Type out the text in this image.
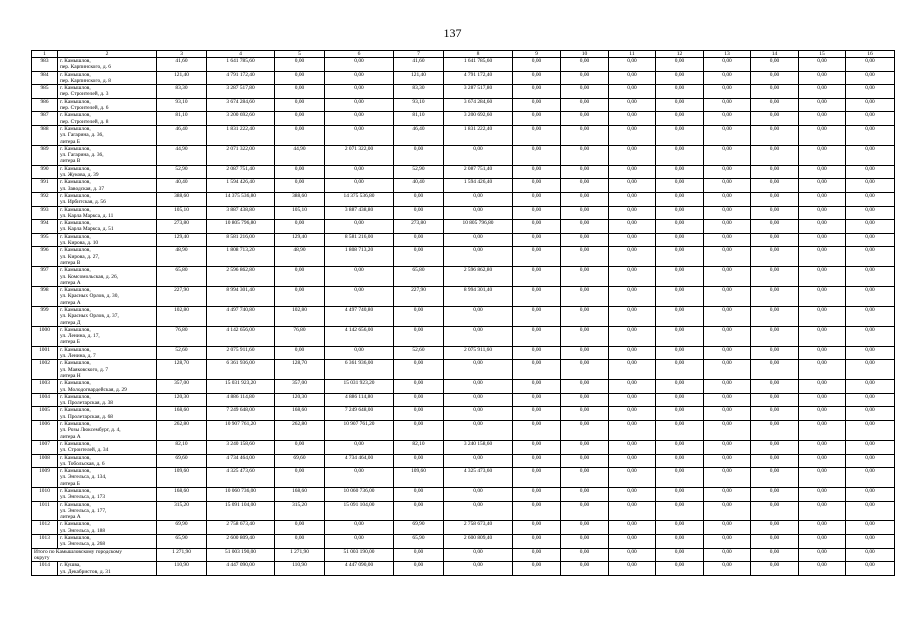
137
1	2	3	4	5	6	7	8	9	10	11	12	13	14	15	16
983	г. Камышлов,
пер. Карпинского, д. 6	41,60	1 641 785,60	0,00	0,00	41,60	1 641 785,60	0,00	0,00	0,00	0,00	0,00	0,00	0,00	0,00
984	г. Камышлов,
пер. Карпинского, д. 8	121,40	4 791 172,40	0,00	0,00	121,40	4 791 172,40	0,00	0,00	0,00	0,00	0,00	0,00	0,00	0,00
985	г. Камышлов,
пер. Строителей, д. 3	83,30	3 287 517,80	0,00	0,00	83,30	3 287 517,80	0,00	0,00	0,00	0,00	0,00	0,00	0,00	0,00
986	г. Камышлов,
пер. Строителей, д. 6	93,10	3 674 284,60	0,00	0,00	93,10	3 674 284,60	0,00	0,00	0,00	0,00	0,00	0,00	0,00	0,00
987	г. Камышлов,
пер. Строителей, д. 8	81,10	3 200 692,60	0,00	0,00	81,10	3 200 692,60	0,00	0,00	0,00	0,00	0,00	0,00	0,00	0,00
988	г. Камышлов,
ул. Гагарина, д. 36,
литера Б	46,40	1 831 222,40	0,00	0,00	46,40	1 831 222,40	0,00	0,00	0,00	0,00	0,00	0,00	0,00	0,00
989	г. Камышлов,
ул. Гагарина, д. 36,
литера В	44,90	2 071 322,00	44,90	2 071 322,00	0,00	0,00	0,00	0,00	0,00	0,00	0,00	0,00	0,00	0,00
990	г. Камышлов,
ул. Жукова, д. 39	52,90	2 087 751,40	0,00	0,00	52,90	2 087 751,40	0,00	0,00	0,00	0,00	0,00	0,00	0,00	0,00
991	г. Камышлов,
ул. Заводская, д. 37	40,40	1 594 426,40	0,00	0,00	40,40	1 594 426,40	0,00	0,00	0,00	0,00	0,00	0,00	0,00	0,00
992	г. Камышлов,
ул. Ирбитская, д. 56	388,60	14 375 536,80	388,60	14 375 536,80	0,00	0,00	0,00	0,00	0,00	0,00	0,00	0,00	0,00	0,00
993	г. Камышлов,
ул. Карла Маркса, д. 11	105,10	3 887 438,80	105,10	3 887 438,80	0,00	0,00	0,00	0,00	0,00	0,00	0,00	0,00	0,00	0,00
994	г. Камышлов,
ул. Карла Маркса, д. 51	273,80	10 805 796,80	0,00	0,00	273,80	10 805 796,80	0,00	0,00	0,00	0,00	0,00	0,00	0,00	0,00
995	г. Камышлов,
ул. Кирова, д. 10	129,40	8 581 216,00	129,40	8 581 216,00	0,00	0,00	0,00	0,00	0,00	0,00	0,00	0,00	0,00	0,00
996	г. Камышлов,
ул. Кирова, д. 27,
литера В	48,90	1 808 713,20	48,90	1 808 713,20	0,00	0,00	0,00	0,00	0,00	0,00	0,00	0,00	0,00	0,00
997	г. Камышлов,
ул. Комсомольская, д. 26,
литера А	65,80	2 596 862,80	0,00	0,00	65,80	2 596 862,80	0,00	0,00	0,00	0,00	0,00	0,00	0,00	0,00
998	г. Камышлов,
ул. Красных Орлов, д. 30,
литера А	227,90	8 994 301,40	0,00	0,00	227,90	8 994 301,40	0,00	0,00	0,00	0,00	0,00	0,00	0,00	0,00
999	г. Камышлов,
ул. Красных Орлов, д. 37,
литера Д	102,80	4 497 740,80	102,80	4 497 740,80	0,00	0,00	0,00	0,00	0,00	0,00	0,00	0,00	0,00	0,00
1000	г. Камышлов,
ул. Ленина, д. 17,
литера Б	76,80	4 142 656,00	76,80	4 142 656,00	0,00	0,00	0,00	0,00	0,00	0,00	0,00	0,00	0,00	0,00
1001	г. Камышлов,
ул. Ленина, д. 7	52,60	2 075 911,60	0,00	0,00	52,60	2 075 911,60	0,00	0,00	0,00	0,00	0,00	0,00	0,00	0,00
1002	г. Камышлов,
ул. Маяковского, д. 7
литера Н	128,70	6 361 936,00	128,70	6 361 936,00	0,00	0,00	0,00	0,00	0,00	0,00	0,00	0,00	0,00	0,00
1003	г. Камышлов,
ул. Молодогвардейская, д. 29	357,00	15 031 923,20	357,00	15 031 923,20	0,00	0,00	0,00	0,00	0,00	0,00	0,00	0,00	0,00	0,00
1004	г. Камышлов,
ул. Пролетарская, д. 38	120,30	4 886 114,80	120,30	4 886 114,80	0,00	0,00	0,00	0,00	0,00	0,00	0,00	0,00	0,00	0,00
1005	г. Камышлов,
ул. Пролетарская, д. 68	168,60	7 249 648,00	168,60	7 249 648,00	0,00	0,00	0,00	0,00	0,00	0,00	0,00	0,00	0,00	0,00
1006	г. Камышлов,
ул. Розы Люксембург, д. 4,
литера А	262,80	10 907 761,20	262,80	10 907 761,20	0,00	0,00	0,00	0,00	0,00	0,00	0,00	0,00	0,00	0,00
1007	г. Камышлов,
ул. Строителей, д. 34	82,10	3 240 158,60	0,00	0,00	82,10	3 240 158,60	0,00	0,00	0,00	0,00	0,00	0,00	0,00	0,00
1008	г. Камышлов,
ул. Тобольская, д. 6	69,60	4 734 464,00	69,60	4 734 464,00	0,00	0,00	0,00	0,00	0,00	0,00	0,00	0,00	0,00	0,00
1009	г. Камышлов,
ул. Энгельса, д. 134,
литера Б	109,60	4 325 473,60	0,00	0,00	109,60	4 325 473,60	0,00	0,00	0,00	0,00	0,00	0,00	0,00	0,00
1010	г. Камышлов,
ул. Энгельса, д. 173	168,60	10 060 736,00	168,60	10 060 736,00	0,00	0,00	0,00	0,00	0,00	0,00	0,00	0,00	0,00	0,00
1011	г. Камышлов,
ул. Энгельса, д. 177,
литера А	315,20	15 091 104,00	315,20	15 091 104,00	0,00	0,00	0,00	0,00	0,00	0,00	0,00	0,00	0,00	0,00
1012	г. Камышлов,
ул. Энгельса, д. 188	69,90	2 758 673,40	0,00	0,00	69,90	2 758 673,40	0,00	0,00	0,00	0,00	0,00	0,00	0,00	0,00
1013	г. Камышлов,
ул. Энгельса, д. 268	65,90	2 600 809,40	0,00	0,00	65,90	2 600 809,40	0,00	0,00	0,00	0,00	0,00	0,00	0,00	0,00
Итого по Камышловскому городскому
округу		1 271,90	51 003 190,00	1 271,90	51 003 190,00	0,00	0,00	0,00	0,00	0,00	0,00	0,00	0,00	0,00	0,00
1014	г. Кушва,
ул. Декабристов, д. 31	110,90	4 447 090,00	110,90	4 447 090,00	0,00	0,00	0,00	0,00	0,00	0,00	0,00	0,00	0,00	0,00
